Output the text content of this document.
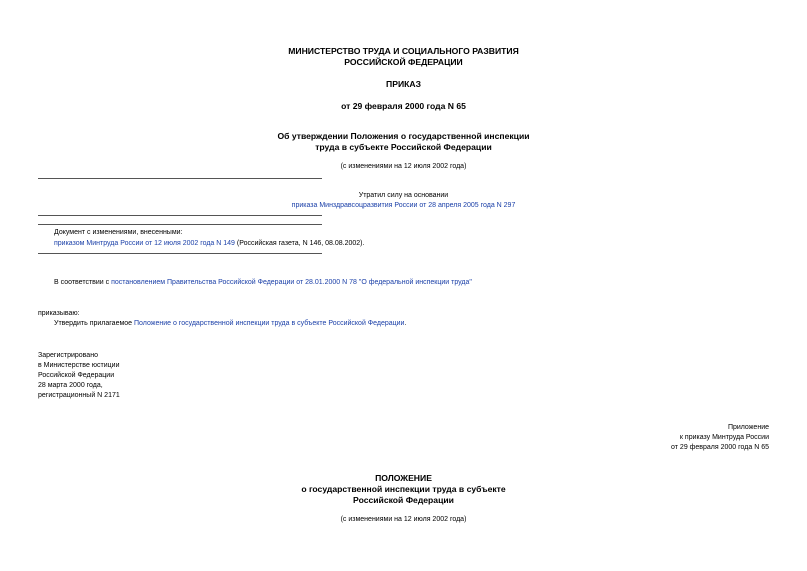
МИНИСТЕРСТВО ТРУДА И СОЦИАЛЬНОГО РАЗВИТИЯ
РОССИЙСКОЙ ФЕДЕРАЦИИ
ПРИКАЗ
от 29 февраля 2000 года N 65
Об утверждении Положения о государственной инспекции
труда в субъекте Российской Федерации
(с изменениями на 12 июля 2002 года)
Утратил силу на основании
приказа Минздравсоцразвития России от 28 апреля 2005 года N 297
Документ с изменениями, внесенными:
приказом Минтруда России от 12 июля 2002 года N 149 (Российская газета, N 146, 08.08.2002).
В соответствии с постановлением Правительства Российской Федерации от 28.01.2000 N 78 "О федеральной инспекции труда"
приказываю:
Утвердить прилагаемое Положение о государственной инспекции труда в субъекте Российской Федерации.
Зарегистрировано
в Министерстве юстиции
Российской Федерации
28 марта 2000 года,
регистрационный N 2171
Приложение
к приказу Минтруда России
от 29 февраля 2000 года N 65
ПОЛОЖЕНИЕ
о государственной инспекции труда в субъекте
Российской Федерации
(с изменениями на 12 июля 2002 года)
